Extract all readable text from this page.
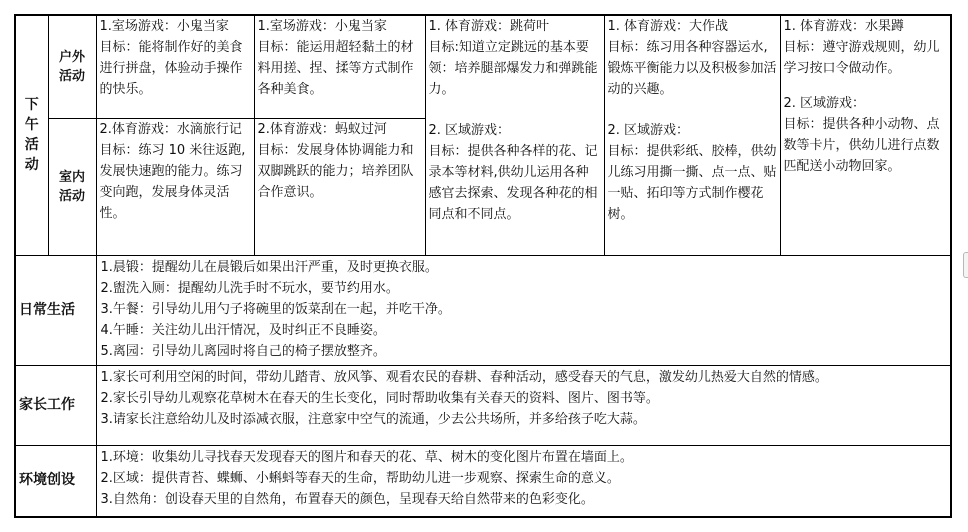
下午活动	户外活动	1.室场游戏：小鬼当家
目标：能将制作好的美食进行拼盘，体验动手操作的快乐。	1.室场游戏：小鬼当家
目标：能运用超轻黏土的材料用搓、捏、揉等方式制作各种美食。	1. 体育游戏：跳荷叶
目标:知道立定跳远的基本要领：培养腿部爆发力和弹跳能力。
2. 区域游戏：
目标：提供各种各样的花、记录本等材料,供幼儿运用各种感官去探索、发现各种花的相同点和不同点。	1. 体育游戏：大作战
目标：练习用各种容器运水,锻炼平衡能力以及积极参加活动的兴趣。
2. 区域游戏：
目标：提供彩纸、胶棒，供幼儿练习用撕一撕、点一点、贴一贴、拓印等方式制作樱花树。	1. 体育游戏：水果蹲
目标：遵守游戏规则，幼儿学习按口令做动作。
2. 区域游戏：
目标：提供各种小动物、点数等卡片，供幼儿进行点数匹配送小动物回家。

	室内活动	2.体育游戏：水滴旅行记
目标：练习 10 米往返跑,发展快速跑的能力。练习变向跑，发展身体灵活性。	2.体育游戏：蚂蚁过河
目标：发展身体协调能力和双脚跳跃的能力；培养团队合作意识。			

日常生活		1.晨锻：提醒幼儿在晨锻后如果出汗严重，及时更换衣服。
2.盥洗入厕：提醒幼儿洗手时不玩水，要节约用水。
3.午餐：引导幼儿用勺子将碗里的饭菜刮在一起，并吃干净。
4.午睡：关注幼儿出汗情况，及时纠正不良睡姿。
5.离园：引导幼儿离园时将自己的椅子摆放整齐。				

家长工作		1.家长可利用空闲的时间，带幼儿踏青、放风筝、观看农民的春耕、春种活动，感受春天的气息，激发幼儿热爱大自然的情感。
2.家长引导幼儿观察花草树木在春天的生长变化，同时帮助收集有关春天的资料、图片、图书等。
3.请家长注意给幼儿及时添减衣服，注意家中空气的流通，少去公共场所，并多给孩子吃大蒜。				

环境创设		1.环境：收集幼儿寻找春天发现春天的图片和春天的花、草、树木的变化图片布置在墙面上。
2.区域：提供青苔、蝶蛳、小蝌蚪等春天的生命，帮助幼儿进一步观察、探索生命的意义。
3.自然角：创设春天里的自然角，布置春天的颜色，呈现春天给自然带来的色彩变化。				
